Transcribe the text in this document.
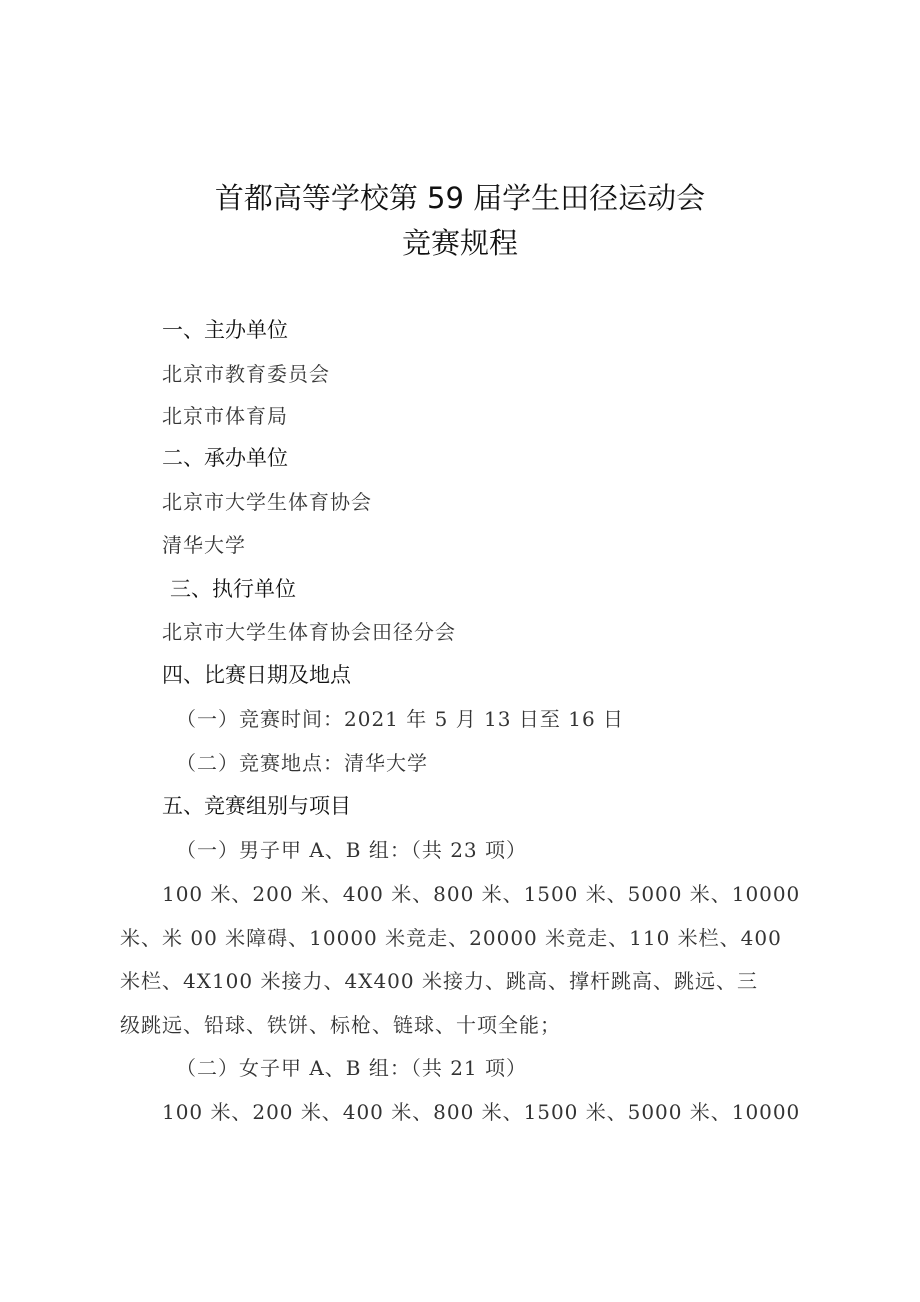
首都高等学校第 59 届学生田径运动会
竞赛规程
一、主办单位
北京市教育委员会
北京市体育局
二、承办单位
北京市大学生体育协会
清华大学
三、执行单位
北京市大学生体育协会田径分会
四、比赛日期及地点
（一）竞赛时间：2021 年 5 月 13 日至 16 日
（二）竞赛地点：清华大学
五、竞赛组别与项目
（一）男子甲 A、B 组：（共 23 项）
100 米、200 米、400 米、800 米、1500 米、5000 米、10000
米、米 00 米障碍、10000 米竞走、20000 米竞走、110 米栏、400
米栏、4X100 米接力、4X400 米接力、跳高、撑杆跳高、跳远、三
级跳远、铅球、铁饼、标枪、链球、十项全能；
（二）女子甲 A、B 组：（共 21 项）
100 米、200 米、400 米、800 米、1500 米、5000 米、10000
